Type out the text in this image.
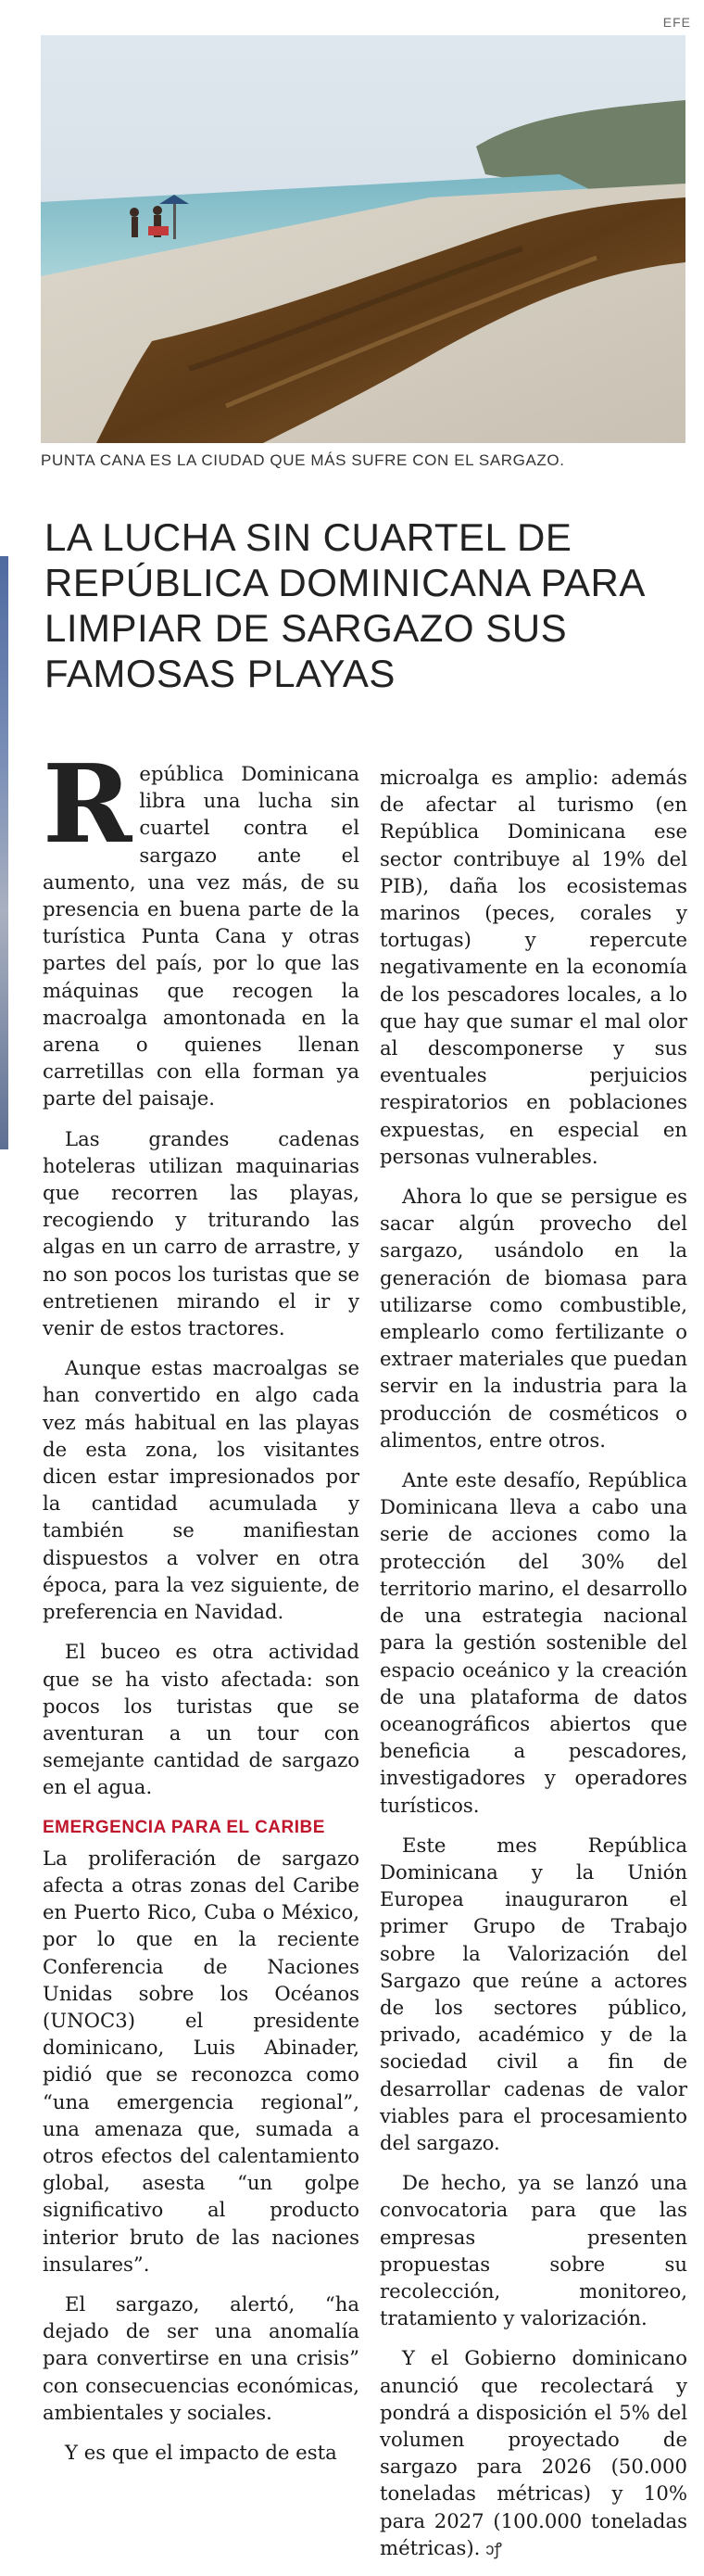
EFE
PUNTA CANA ES LA CIUDAD QUE MÁS SUFRE CON EL SARGAZO.
LA LUCHA SIN CUARTEL DE REPÚBLICA DOMINICANA PARA LIMPIAR DE SARGAZO SUS FAMOSAS PLAYAS

República Dominicana libra una lucha sin cuartel contra el sargazo ante el aumento, una vez más, de su presencia en buena parte de la turística Punta Cana y otras partes del país, por lo que las máquinas que recogen la macroalga amontonada en la arena o quienes llenan carretillas con ella forman ya parte del paisaje.

Las grandes cadenas hoteleras utilizan maquinarias que recorren las playas, recogiendo y triturando las algas en un carro de arrastre, y no son pocos los turistas que se entretienen mirando el ir y venir de estos tractores.

Aunque estas macroalgas se han convertido en algo cada vez más habitual en las playas de esta zona, los visitantes dicen estar impresionados por la cantidad acumulada y también se manifiestan dispuestos a volver en otra época, para la vez siguiente, de preferencia en Navidad.

El buceo es otra actividad que se ha visto afectada: son pocos los turistas que se aventuran a un tour con semejante cantidad de sargazo en el agua.

EMERGENCIA PARA EL CARIBE

La proliferación de sargazo afecta a otras zonas del Caribe en Puerto Rico, Cuba o México, por lo que en la reciente Conferencia de Naciones Unidas sobre los Océanos (UNOC3) el presidente dominicano, Luis Abinader, pidió que se reconozca como “una emergencia regional”, una amenaza que, sumada a otros efectos del calentamiento global, asesta “un golpe significativo al producto interior bruto de las naciones insulares”.

El sargazo, alertó, “ha dejado de ser una anomalía para convertirse en una crisis” con consecuencias económicas, ambientales y sociales.

Y es que el impacto de esta

microalga es amplio: además de afectar al turismo (en República Dominicana ese sector contribuye al 19% del PIB), daña los ecosistemas marinos (peces, corales y tortugas) y repercute negativamente en la economía de los pescadores locales, a lo que hay que sumar el mal olor al descomponerse y sus eventuales perjuicios respiratorios en poblaciones expuestas, en especial en personas vulnerables.

Ahora lo que se persigue es sacar algún provecho del sargazo, usándolo en la generación de biomasa para utilizarse como combustible, emplearlo como fertilizante o extraer materiales que puedan servir en la industria para la producción de cosméticos o alimentos, entre otros.

Ante este desafío, República Dominicana lleva a cabo una serie de acciones como la protección del 30% del territorio marino, el desarrollo de una estrategia nacional para la gestión sostenible del espacio oceánico y la creación de una plataforma de datos oceanográficos abiertos que beneficia a pescadores, investigadores y operadores turísticos.

Este mes República Dominicana y la Unión Europea inauguraron el primer Grupo de Trabajo sobre la Valorización del Sargazo que reúne a actores de los sectores público, privado, académico y de la sociedad civil a fin de desarrollar cadenas de valor viables para el procesamiento del sargazo.

De hecho, ya se lanzó una convocatoria para que las empresas presenten propuestas sobre su recolección, monitoreo, tratamiento y valorización.

Y el Gobierno dominicano anunció que recolectará y pondrá a disposición el 5% del volumen proyectado de sargazo para 2026 (50.000 toneladas métricas) y 10% para 2027 (100.000 toneladas métricas). ↄꝭ
